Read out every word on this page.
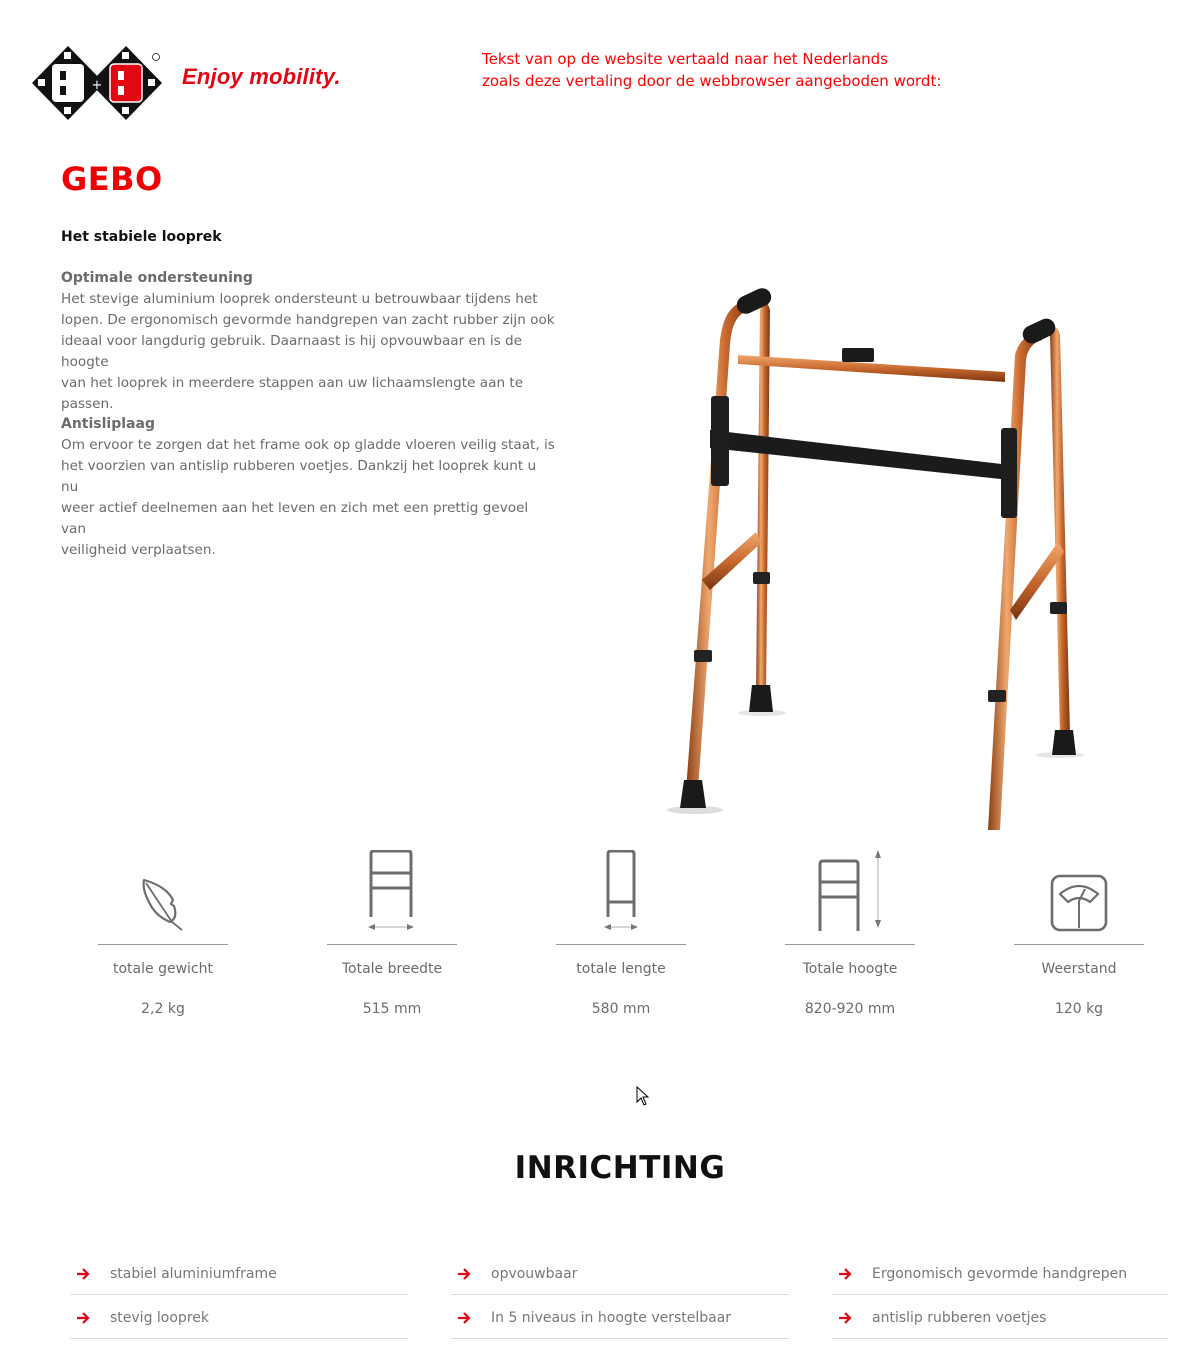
+	Enjoy mobility.
Tekst van op de website vertaald naar het Nederlands
zoals deze vertaling door de webbrowser aangeboden wordt:
GEBO
Het stabiele looprek
Optimale ondersteuning

Het stevige aluminium looprek ondersteunt u betrouwbaar tijdens het

lopen. De ergonomisch gevormde handgrepen van zacht rubber zijn ook

ideaal voor langdurig gebruik. Daarnaast is hij opvouwbaar en is de hoogte

van het looprek in meerdere stappen aan uw lichaamslengte aan te

passen.

Antisliplaag

Om ervoor te zorgen dat het frame ook op gladde vloeren veilig staat, is

het voorzien van antislip rubberen voetjes. Dankzij het looprek kunt u nu

weer actief deelnemen aan het leven en zich met een prettig gevoel van

veiligheid verplaatsen.

totale gewicht
2,2 kg
Totale breedte
515 mm
totale lengte
580 mm
Totale hoogte
820-920 mm
Weerstand
120 kg
INRICHTING
stabiel aluminiumframe
stevig looprek
opvouwbaar
In 5 niveaus in hoogte verstelbaar
Ergonomisch gevormde handgrepen
antislip rubberen voetjes
